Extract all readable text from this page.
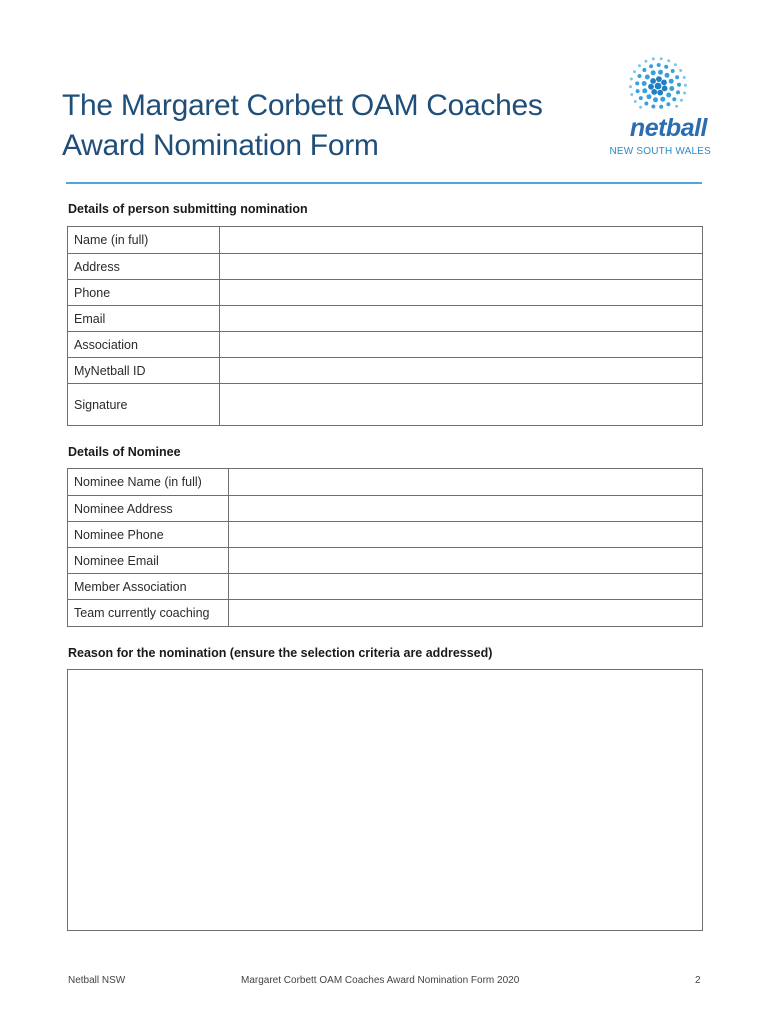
The Margaret Corbett OAM Coaches
Award Nomination Form
netball
NEW SOUTH WALES
Details of person submitting nomination
Name (in full)	
Address	
Phone	
Email	
Association	
MyNetball ID	
Signature	
Details of Nominee
Nominee Name (in full)	
Nominee Address	
Nominee Phone	
Nominee Email	
Member Association	
Team currently coaching	
Reason for the nomination (ensure the selection criteria are addressed)
Netball NSW	Margaret Corbett OAM Coaches Award Nomination Form 2020	2
